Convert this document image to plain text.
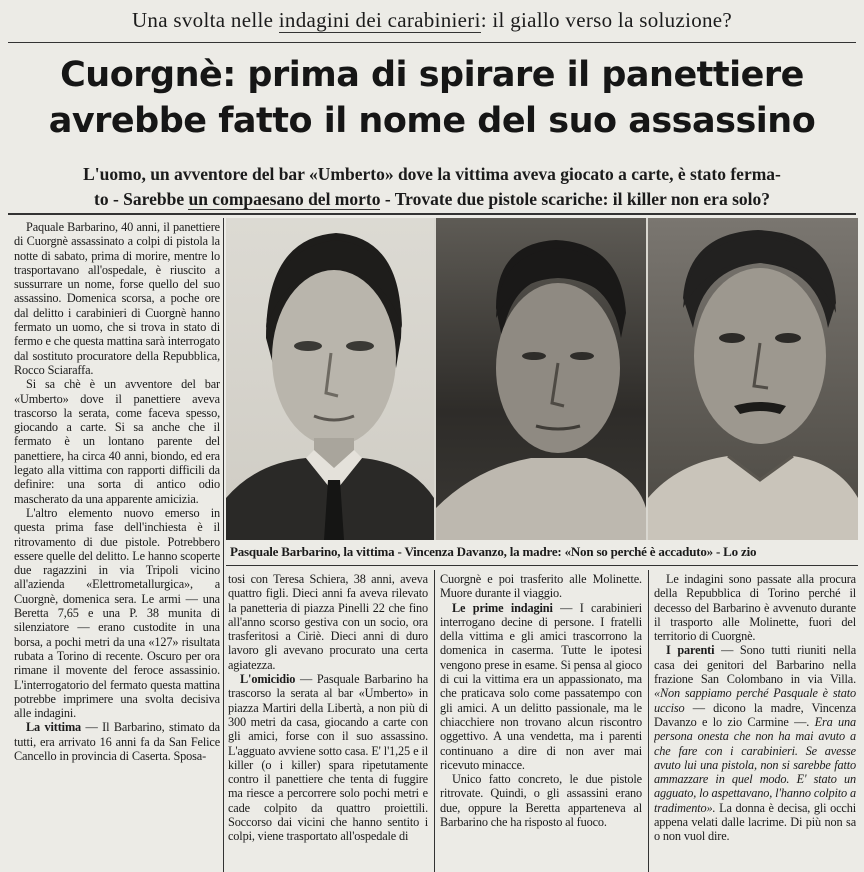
Una svolta nelle indagini dei carabinieri: il giallo verso la soluzione?
Cuorgnè: prima di spirare il panettiere
avrebbe fatto il nome del suo assassino
L'uomo, un avventore del bar «Umberto» dove la vittima aveva giocato a carte, è stato ferma-
to - Sarebbe un compaesano del morto - Trovate due pistole scariche: il killer non era solo?

Paquale Barbarino, 40 anni, il panettiere di Cuorgnè assassinato a colpi di pistola la notte di sabato, prima di morire, mentre lo trasportavano all'ospedale, è riuscito a sussurrare un nome, forse quello del suo assassino. Domenica scorsa, a poche ore dal delitto i carabinieri di Cuorgnè hanno fermato un uomo, che si trova in stato di fermo e che questa mattina sarà interrogato dal sostituto procuratore della Repubblica, Rocco Sciaraffa.

Si sa chè è un avventore del bar «Umberto» dove il panettiere aveva trascorso la serata, come faceva spesso, giocando a carte. Si sa anche che il fermato è un lontano parente del panettiere, ha circa 40 anni, biondo, ed era legato alla vittima con rapporti difficili da definire: una sorta di antico odio mascherato da una apparente amicizia.

L'altro elemento nuovo emerso in questa prima fase dell'inchiesta è il ritrovamento di due pistole. Potrebbero essere quelle del delitto. Le hanno scoperte due ragazzini in via Tripoli vicino all'azienda «Elettrometallurgica», a Cuorgnè, domenica sera. Le armi — una Beretta 7,65 e una P. 38 munita di silenziatore — erano custodite in una borsa, a pochi metri da una «127» risultata rubata a Torino di recente. Oscuro per ora rimane il movente del feroce assassinio. L'interrogatorio del fermato questa mattina potrebbe imprimere una svolta decisiva alle indagini.

La vittima — Il Barbarino, stimato da tutti, era arrivato 16 anni fa da San Felice Cancello in provincia di Caserta. Sposa-

Pasquale Barbarino, la vittima - Vincenza Davanzo, la madre: «Non so perché è accaduto» - Lo zio

tosi con Teresa Schiera, 38 anni, aveva quattro figli. Dieci anni fa aveva rilevato la panetteria di piazza Pinelli 22 che fino all'anno scorso gestiva con un socio, ora trasferitosi a Ciriè. Dieci anni di duro lavoro gli avevano procurato una certa agiatezza.

L'omicidio — Pasquale Barbarino ha trascorso la serata al bar «Umberto» in piazza Martiri della Libertà, a non più di 300 metri da casa, giocando a carte con gli amici, forse con il suo assassino. L'agguato avviene sotto casa. E' l'1,25 e il killer (o i killer) spara ripetutamente contro il panettiere che tenta di fuggire ma riesce a percorrere solo pochi metri e cade colpito da quattro proiettili. Soccorso dai vicini che hanno sentito i colpi, viene trasportato all'ospedale di

Cuorgnè e poi trasferito alle Molinette. Muore durante il viaggio.

Le prime indagini — I carabinieri interrogano decine di persone. I fratelli della vittima e gli amici trascorrono la domenica in caserma. Tutte le ipotesi vengono prese in esame. Si pensa al gioco di cui la vittima era un appassionato, ma che praticava solo come passatempo con gli amici. A un delitto passionale, ma le chiacchiere non trovano alcun riscontro oggettivo. A una vendetta, ma i parenti continuano a dire di non aver mai ricevuto minacce.

Unico fatto concreto, le due pistole ritrovate. Quindi, o gli assassini erano due, oppure la Beretta apparteneva al Barbarino che ha risposto al fuoco.

Le indagini sono passate alla procura della Repubblica di Torino perché il decesso del Barbarino è avvenuto durante il trasporto alle Molinette, fuori del territorio di Cuorgnè.

I parenti — Sono tutti riuniti nella casa dei genitori del Barbarino nella frazione San Colombano in via Villa. «Non sappiamo perché Pasquale è stato ucciso — dicono la madre, Vincenza Davanzo e lo zio Carmine —. Era una persona onesta che non ha mai avuto a che fare con i carabinieri. Se avesse avuto lui una pistola, non si sarebbe fatto ammazzare in quel modo. E' stato un agguato, lo aspettavano, l'hanno colpito a tradimento». La donna è decisa, gli occhi appena velati dalle lacrime. Di più non sa o non vuol dire.
